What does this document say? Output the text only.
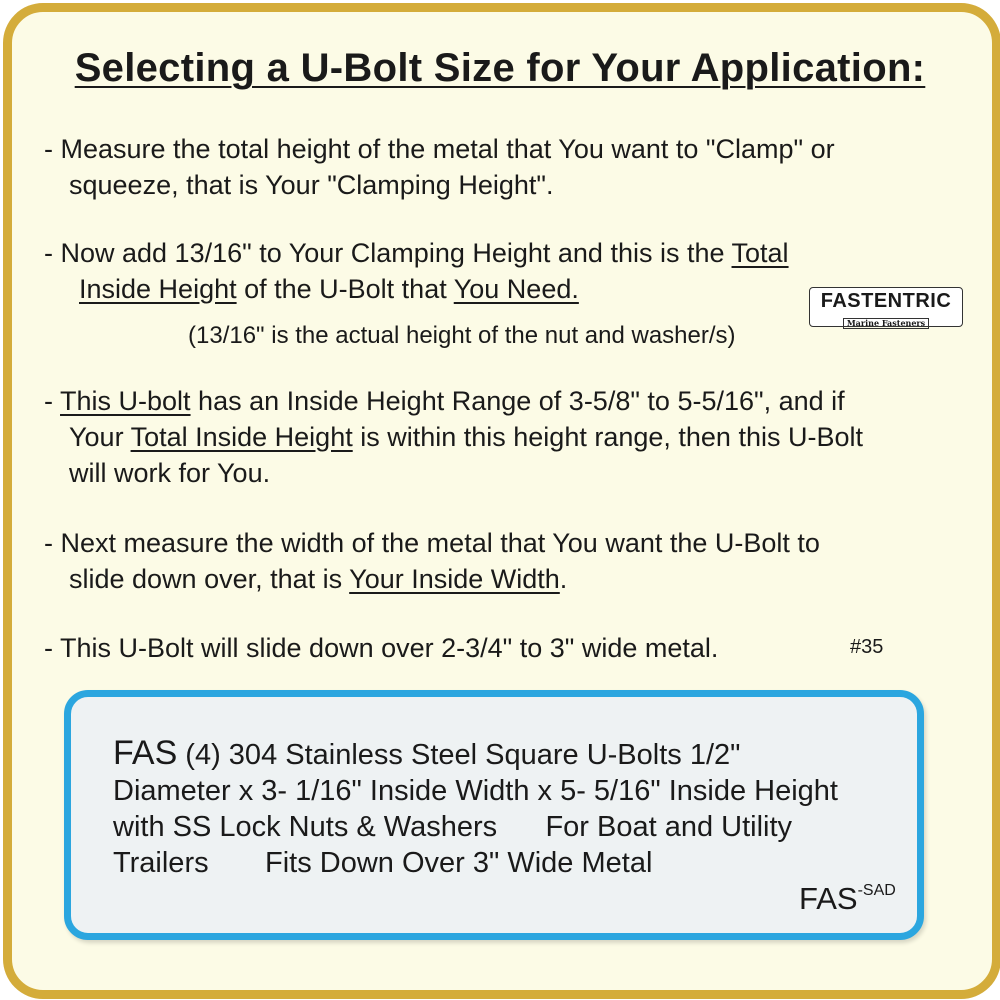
Selecting a U-Bolt Size for Your Application:
- Measure the total height of the metal that You want to "Clamp" or
squeeze, that is Your "Clamping Height".
- Now add 13/16" to Your Clamping Height and this is the Total
Inside Height of the U-Bolt that You Need.
(13/16" is the actual height of the nut and washer/s)
FASTENTRIC
Marine Fasteners
- This U-bolt has an Inside Height Range of 3-5/8" to 5-5/16", and if
Your Total Inside Height is within this height range, then this U-Bolt
will work for You.
- Next measure the width of the metal that You want the U-Bolt to
slide down over, that is Your Inside Width.
- This U-Bolt will slide down over 2-3/4" to 3" wide metal.	#35
FAS (4) 304 Stainless Steel Square U-Bolts 1/2"
Diameter x 3- 1/16" Inside Width x 5- 5/16" Inside Height
with SS Lock Nuts & Washers      For Boat and Utility
Trailers       Fits Down Over 3" Wide Metal
$FAS^{-SAD}$
